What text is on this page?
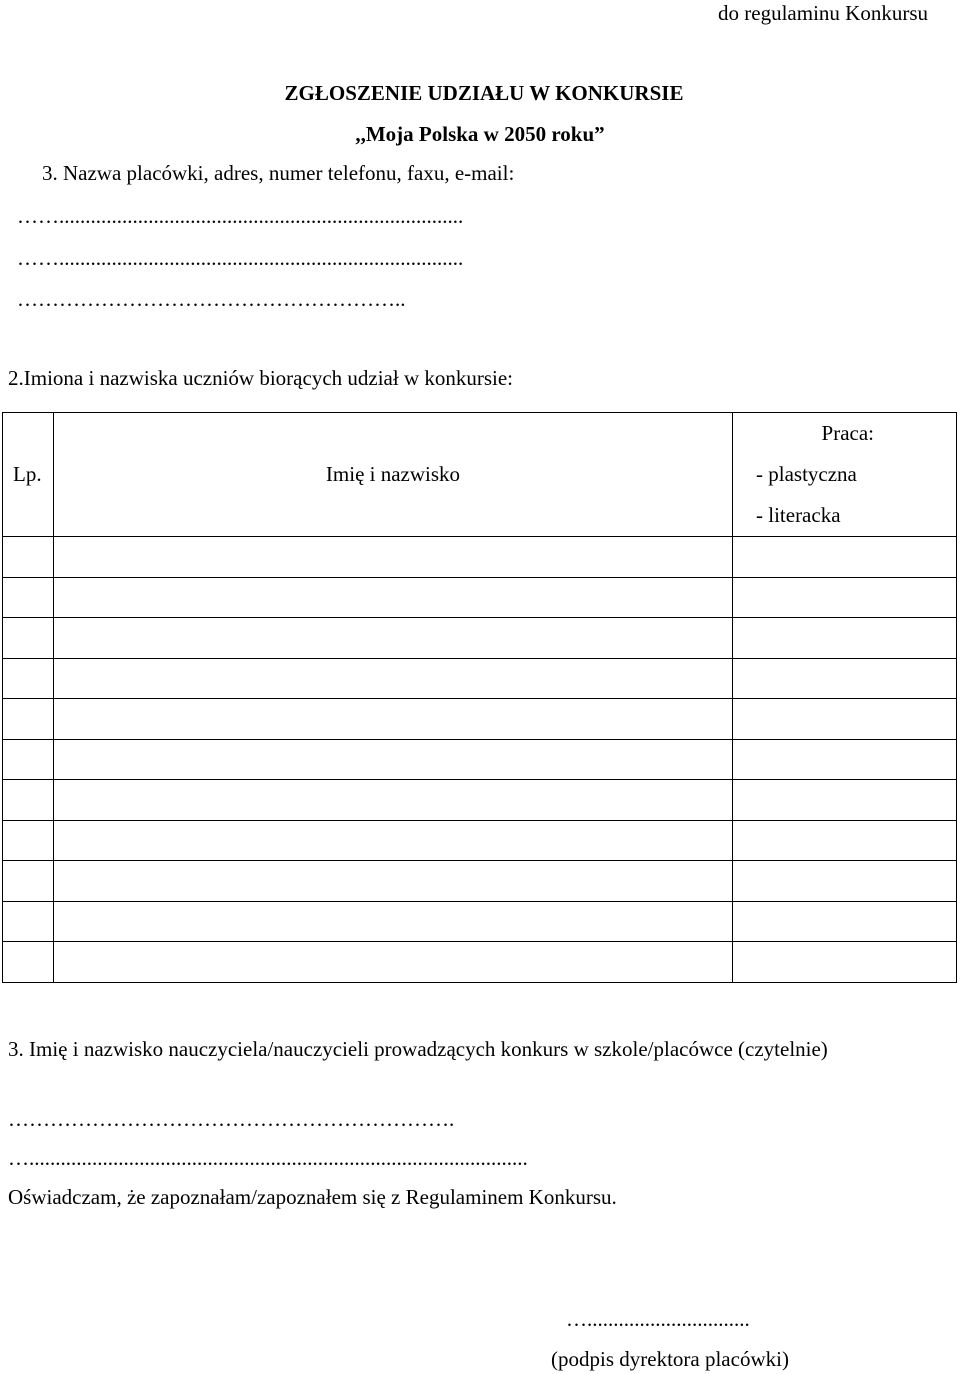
do regulaminu Konkursu
ZGŁOSZENIE UDZIAŁU W KONKURSIE
,,Moja Polska w 2050 roku”
3. Nazwa placówki, adres, numer telefonu, faxu, e-mail:
…….............................................................................
…….............................................................................
………………………………………………..
2.Imiona i nazwiska uczniów biorących udział w konkursie:
Lp.	Imię i nazwisko	Praca:
- plastyczna
- literacka

3. Imię i nazwisko nauczyciela/nauczycieli prowadzących konkurs w szkole/placówce (czytelnie)
……………………………………………………….
…...............................................................................................
Oświadczam, że zapoznałam/zapoznałem się z Regulaminem Konkursu.
…...............................
(podpis dyrektora placówki)
